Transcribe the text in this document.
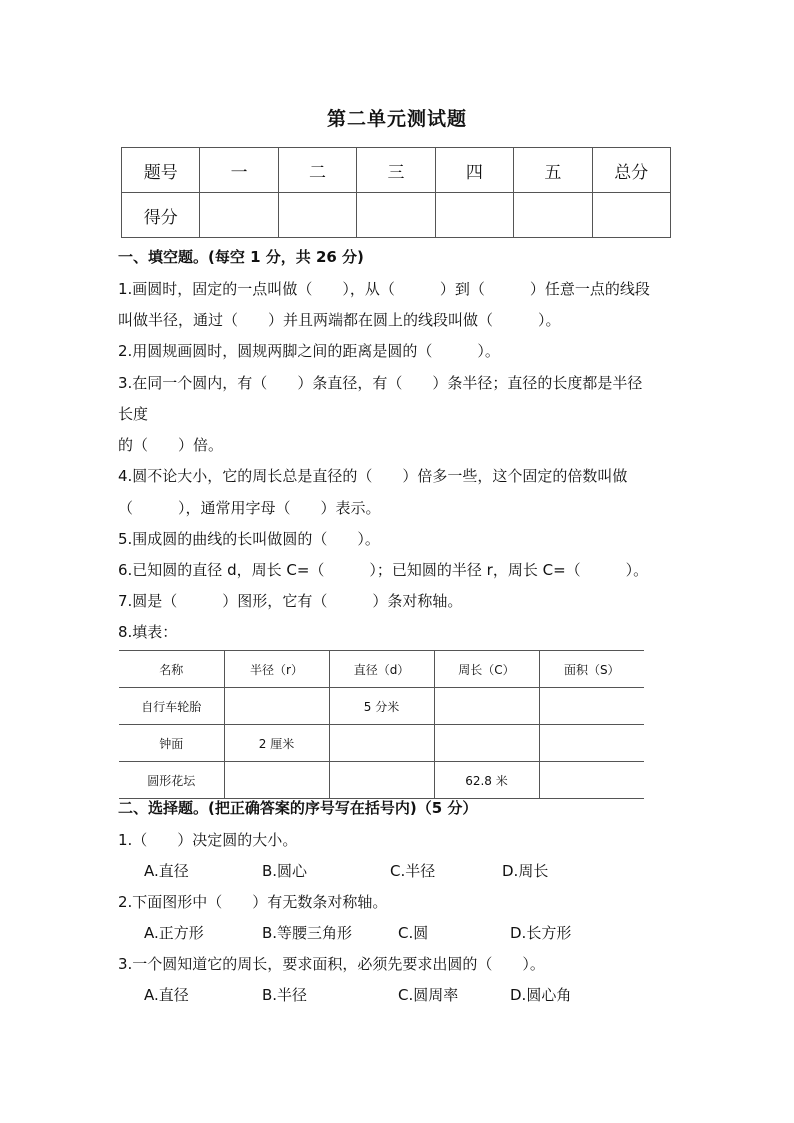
第二单元测试题
题号	一	二	三	四	五	总分
得分						
一、填空题。(每空 1 分，共 26 分)
1.画圆时，固定的一点叫做（　　），从（　　　）到（　　　）任意一点的线段
叫做半径，通过（　　）并且两端都在圆上的线段叫做（　　　）。
2.用圆规画圆时，圆规两脚之间的距离是圆的（　　　）。
3.在同一个圆内，有（　　）条直径，有（　　）条半径；直径的长度都是半径
长度
的（　　）倍。
4.圆不论大小，它的周长总是直径的（　　）倍多一些，这个固定的倍数叫做
（　　　），通常用字母（　　）表示。
5.围成圆的曲线的长叫做圆的（　　）。
6.已知圆的直径 d，周长 C=（　　　）；已知圆的半径 r，周长 C=（　　　）。
7.圆是（　　　）图形，它有（　　　）条对称轴。
8.填表：
名称	半径（r）	直径（d）	周长（C）	面积（S）
自行车轮胎		5 分米		
钟面	2 厘米			
圆形花坛			62.8 米	
二、选择题。(把正确答案的序号写在括号内)（5 分）
1.（　　）决定圆的大小。
A.直径	B.圆心	C.半径	D.周长
2.下面图形中（　　）有无数条对称轴。
A.正方形	B.等腰三角形	C.圆	D.长方形
3.一个圆知道它的周长，要求面积，必须先要求出圆的（　　）。
A.直径	B.半径	C.圆周率	D.圆心角
